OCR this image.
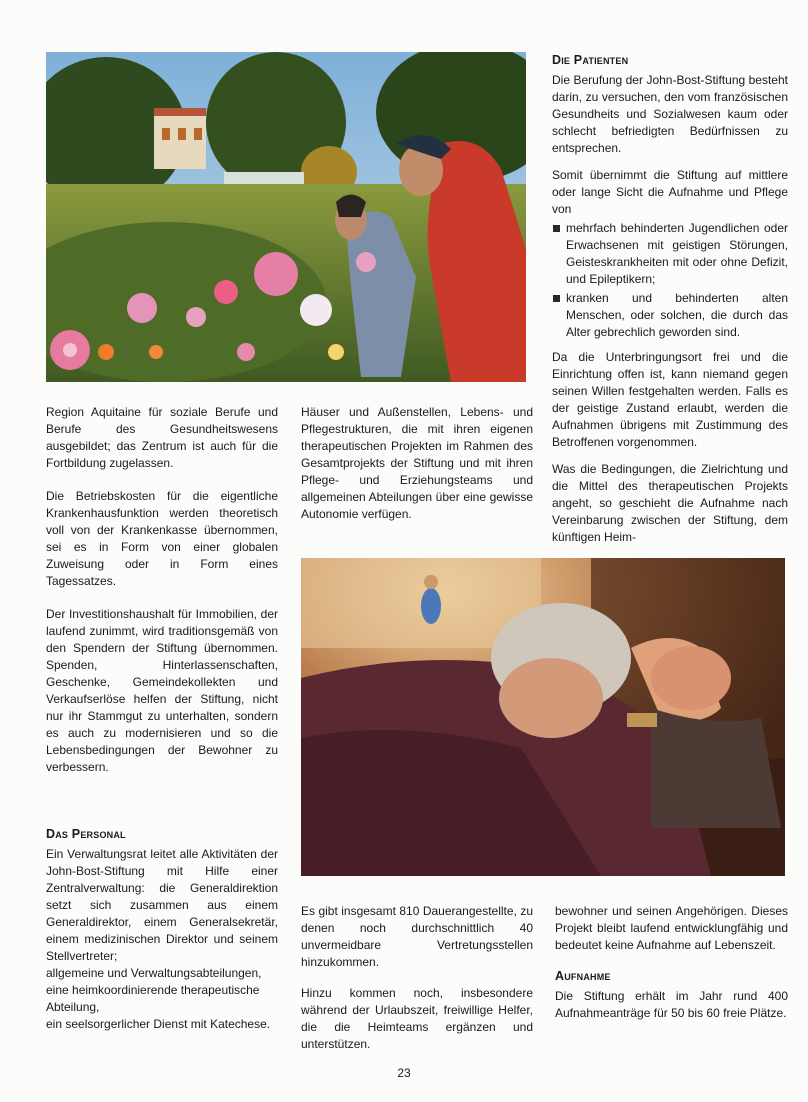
Die Patienten

Die Berufung der John-Bost-Stiftung besteht darin, zu versuchen, den vom französischen Gesundheits und Sozialwesen kaum oder schlecht befriedigten Bedürfnissen zu entsprechen.

Somit übernimmt die Stiftung auf mittlere oder lange Sicht die Aufnahme und Pflege von

mehrfach behinderten Jugendlichen oder Erwachsenen mit geistigen Störungen, Geisteskrankheiten mit oder ohne Defizit, und Epileptikern;
kranken und behinderten alten Menschen, oder solchen, die durch das Alter gebrechlich geworden sind.

Da die Unterbringungsort frei und die Einrichtung offen ist, kann niemand gegen seinen Willen festgehalten werden. Falls es der geistige Zustand erlaubt, werden die Aufnahmen übrigens mit Zustimmung des Betroffenen vorgenommen.

Was die Bedingungen, die Zielrichtung und die Mittel des therapeutischen Projekts angeht, so geschieht die Aufnahme nach Vereinbarung zwischen der Stiftung, dem künftigen Heim-

Region Aquitaine für soziale Berufe und Berufe des Gesundheitswesens ausgebildet; das Zentrum ist auch für die Fortbildung zugelassen.

Die Betriebskosten für die eigentliche Krankenhausfunktion werden theoretisch voll von der Krankenkasse übernommen, sei es in Form von einer globalen Zuweisung oder in Form eines Tagessatzes.

Der Investitionshaushalt für Immobilien, der laufend zunimmt, wird traditionsgemäß von den Spendern der Stiftung übernommen. Spenden, Hinterlassenschaften, Geschenke, Gemeindekollekten und Verkaufserlöse helfen der Stiftung, nicht nur ihr Stammgut zu unterhalten, sondern es auch zu modernisieren und so die Lebensbedingungen der Bewohner zu verbessern.

Häuser und Außenstellen, Lebens- und Pflegestrukturen, die mit ihren eigenen therapeutischen Projekten im Rahmen des Gesamtprojekts der Stiftung und mit ihren Pflege- und Erziehungsteams und allgemeinen Abteilungen über eine gewisse Autonomie verfügen.

Das Personal

Ein Verwaltungsrat leitet alle Aktivitäten der John-Bost-Stiftung mit Hilfe einer Zentralverwaltung: die Generaldirektion setzt sich zusammen aus einem Generaldirektor, einem Generalsekretär, einem medizinischen Direktor und seinem Stellvertreter;

allgemeine und Verwaltungsabteilungen,
eine heimkoordinierende therapeutische Abteilung,
ein seelsorgerlicher Dienst mit Katechese.

Es gibt insgesamt 810 Dauerangestellte, zu denen noch durchschnittlich 40 unvermeidbare Vertretungsstellen hinzukommen.

Hinzu kommen noch, insbesondere während der Urlaubszeit, freiwillige Helfer, die die Heimteams ergänzen und unterstützen.

bewohner und seinen Angehörigen. Dieses Projekt bleibt laufend entwicklungfähig und bedeutet keine Aufnahme auf Lebenszeit.

Aufnahme

Die Stiftung erhält im Jahr rund 400 Aufnahmeanträge für 50 bis 60 freie Plätze.

23
